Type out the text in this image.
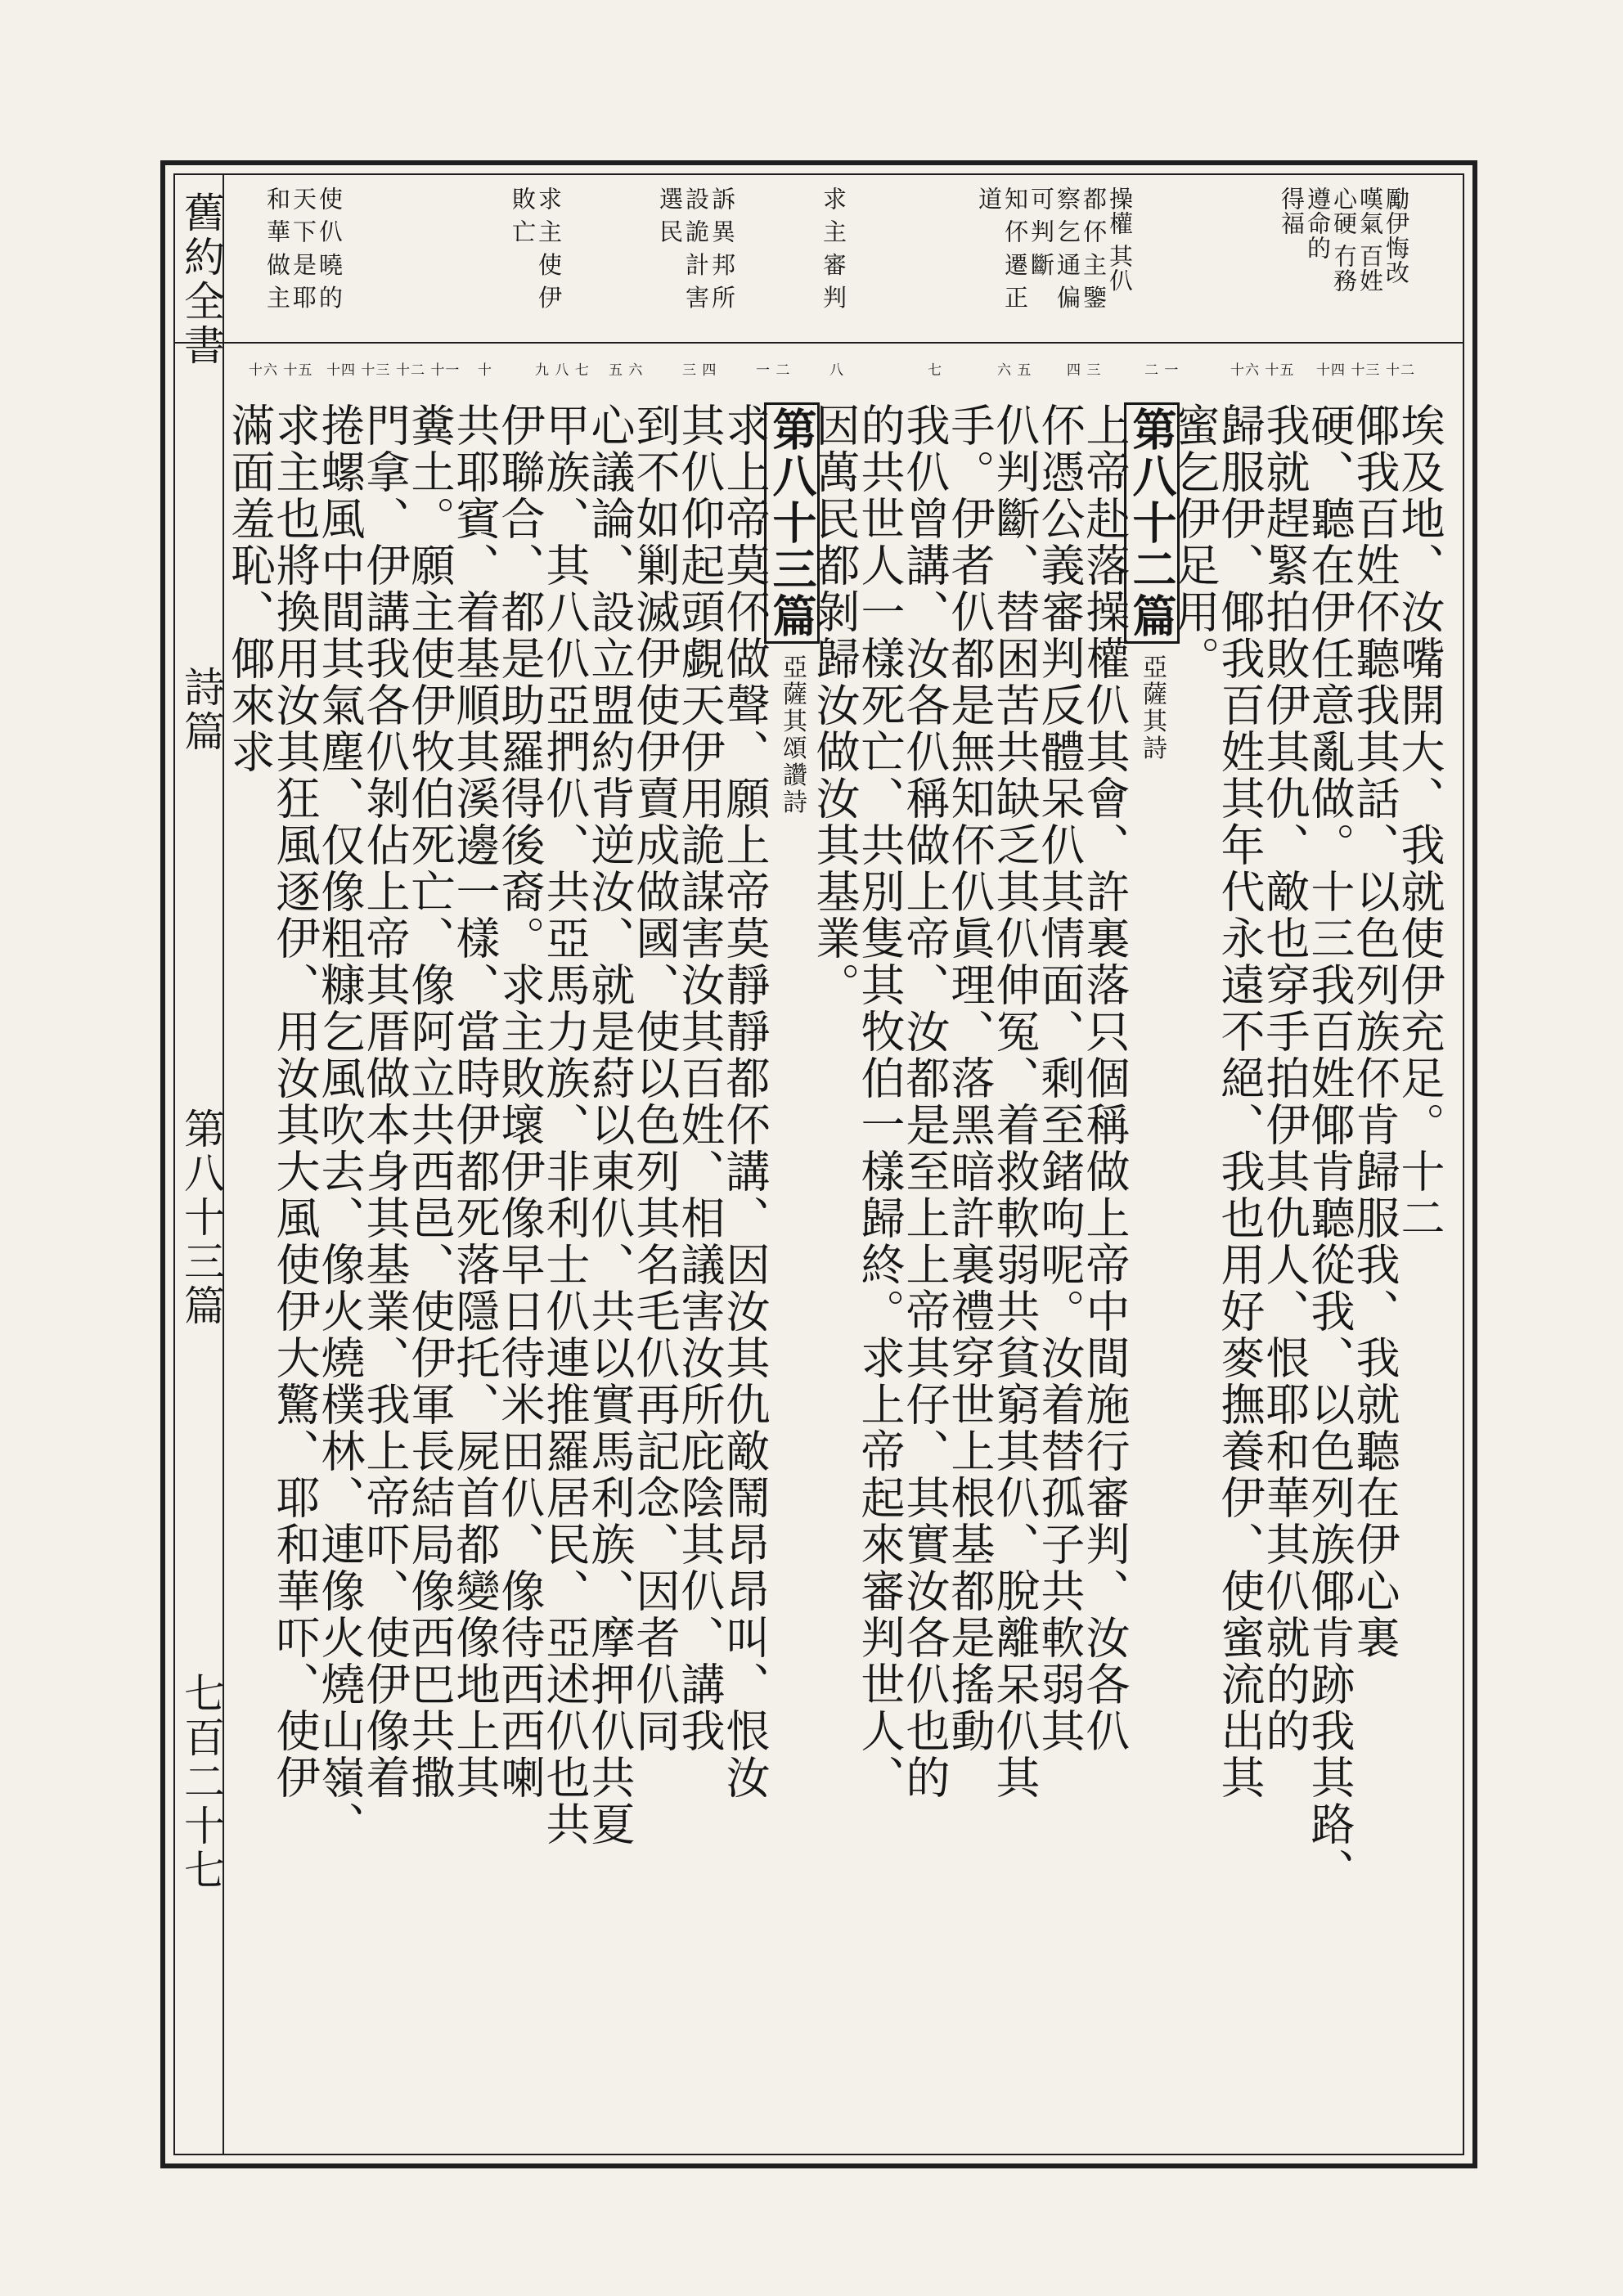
舊約全書
詩篇
第八十三篇
七百二十七
勵伊悔改
嘆氣 百姓
心硬 冇務
遵命的
得福
操權 其仈
都 伓 主 鑒
察 乞 通 偏
可 判 斷
知 伓 遷 正
道
求 主 審 判
訴 異 邦 所
設 詭 計 害
選 民
求 主 使 伊
敗 亡
使 仈 曉 的
天 下 是 耶
和 華 做 主
十二
十四 十三
十六 十五
二 一
四 三
六 五
七
八
一 二
三 四
五 六
九 八 七
十
十二 十一
十四 十三
十六 十五
埃及地、汝嘴開大、我就使伊充足。十二
倻我百姓伓聽我其話、以色列族伓肯歸服我、我就聽在伊心裏
硬、聽在伊任意亂做。十三我百姓倻肯聽從我、以色列族倻肯跡我其路、
我就趕緊拍敗伊其仇、敵也穿手拍伊其仇人、恨耶和華其仈就的的
歸服伊、倻我百姓其年代永遠不絕、我也用好麥撫養伊、使蜜流出其
蜜乞伊足用。
第八十二篇 亞薩其詩
上帝赴落操權仈其會、許裏落只個稱做上帝中間施行審判、汝各仈
伓憑公義審判反體呆仈其情面、剩至鍺呴呢。汝着替孤子共軟弱其
仈判斷、替困苦共缺乏其仈伸冤、着救軟弱共貧窮其仈、脫離呆仈其
手。伊者仈都是無知伓仈眞理、落黑暗許裏禮穿世上根基都是搖動
我仈曾講、汝各仈稱做上帝、汝都是至上上帝其仔、其實汝各仈也的
的共世人一樣死亡、共別隻其牧伯一樣歸終。求上帝起來審判世人、
因萬民都剝歸汝做汝其基業。
第八十三篇 亞薩其頌讚詩
求上帝莫伓做聲、願上帝莫靜靜都伓講、因汝其仇敵鬧昂昂叫、恨汝
其仈仰起頭覷天伊用詭謀害汝其百姓、相議害汝所庇陰其仈、講我
到不如剿滅伊使伊賣成做國、使以色列其名毛仈再記念、因者仈同
心議論、設立盟約背逆汝、就是葤以東仈、共以實馬利族、摩押仈共夏
甲族、其八仈亞捫仈、共亞馬力族、非利士仈連推羅居民、亞述仈也共
伊聯合、都是助羅得後裔。求主敗壞伊像早日待米田仈、像待西西喇
共耶賓、着基順其溪邊一樣、當時伊都死落隱托、屍首都變像地上其
糞土。願主使伊牧伯死亡、像阿立共西邑、使伊軍長結局像西巴共撒
門拿、伊講我各仈剝佔上帝其厝做本身其基業、我上帝吓、使伊像着
捲螺風中間其氣塵、仅像粗糠乞風吹去、像火燒樸林、連像火燒山嶺、
求主也將換用汝其狂風逐伊、用汝其大風使伊大驚、耶和華吓、使伊
滿面羞恥、倻來求
